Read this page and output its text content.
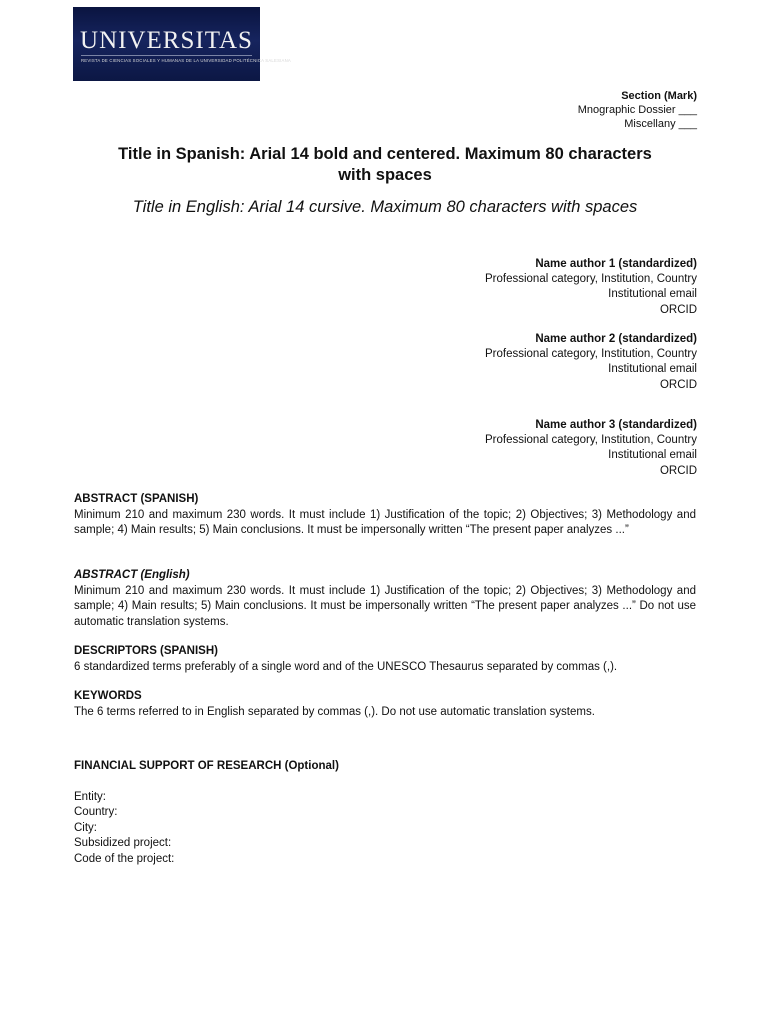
UNIVERSITAS
REVISTA DE CIENCIAS SOCIALES Y HUMANAS DE LA UNIVERSIDAD POLITÉCNICA SALESIANA
Section (Mark)
Mnographic Dossier ___
Miscellany ___
Title in Spanish: Arial 14 bold and centered. Maximum 80 characters
with spaces
Title in English: Arial 14 cursive. Maximum 80 characters with spaces
Name author 1 (standardized)
Professional category, Institution, Country
Institutional email
ORCID
Name author 2 (standardized)
Professional category, Institution, Country
Institutional email
ORCID
Name author 3 (standardized)
Professional category, Institution, Country
Institutional email
ORCID
ABSTRACT (SPANISH)

Minimum 210 and maximum 230 words. It must include 1) Justification of the topic; 2) Objectives; 3) Methodology and sample; 4) Main results; 5) Main conclusions. It must be impersonally written “The present paper analyzes ...”

ABSTRACT (English)

Minimum 210 and maximum 230 words. It must include 1) Justification of the topic; 2) Objectives; 3) Methodology and sample; 4) Main results; 5) Main conclusions. It must be impersonally written “The present paper analyzes ...” Do not use automatic translation systems.

DESCRIPTORS (SPANISH)
6 standardized terms preferably of a single word and of the UNESCO Thesaurus separated by commas (,).
KEYWORDS
The 6 terms referred to in English separated by commas (,). Do not use automatic translation systems.
FINANCIAL SUPPORT OF RESEARCH (Optional)
Entity:
Country:
City:
Subsidized project:
Code of the project:
